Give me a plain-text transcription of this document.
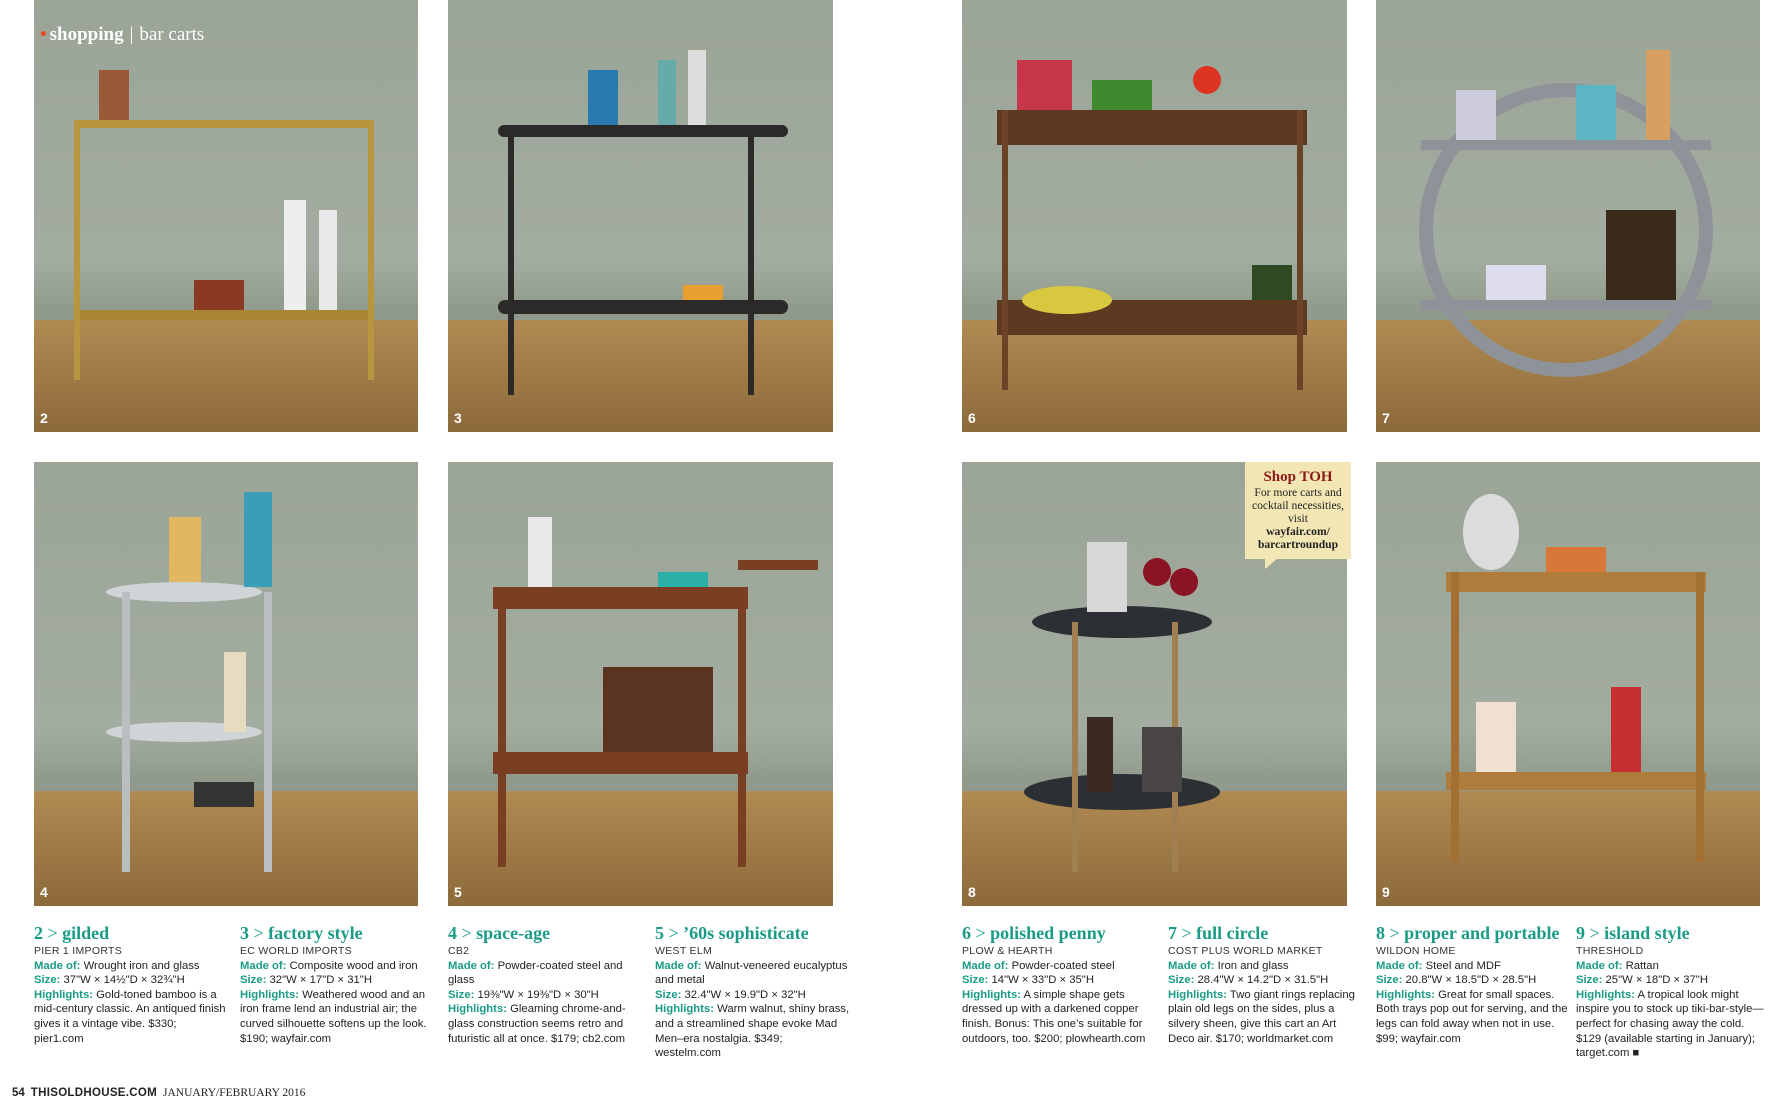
2
• shopping | bar carts
3	6	7
4	5	8	9
Shop TOH
For more carts and cocktail necessities, visit
wayfair.com/ barcartroundup
2 > gilded
PIER 1 IMPORTS
Made of: Wrought iron and glass
Size: 37"W × 14½"D × 32¾"H
Highlights: Gold-toned bamboo is a mid-century classic. An antiqued finish gives it a vintage vibe. $330; pier1.com
3 > factory style
EC WORLD IMPORTS
Made of: Composite wood and iron
Size: 32"W × 17"D × 31"H
Highlights: Weathered wood and an iron frame lend an industrial air; the curved silhouette softens up the look. $190; wayfair.com
4 > space-age
CB2
Made of: Powder-coated steel and glass
Size: 19⅜"W × 19⅜"D × 30"H
Highlights: Gleaming chrome-and-glass construction seems retro and futuristic all at once. $179; cb2.com
5 > ’60s sophisticate
WEST ELM
Made of: Walnut-veneered eucalyptus and metal
Size: 32.4"W × 19.9"D × 32"H
Highlights: Warm walnut, shiny brass, and a streamlined shape evoke Mad Men–era nostalgia. $349; westelm.com
6 > polished penny
PLOW & HEARTH
Made of: Powder-coated steel
Size: 14"W × 33"D × 35"H
Highlights: A simple shape gets dressed up with a darkened copper finish. Bonus: This one’s suitable for outdoors, too. $200; plowhearth.com
7 > full circle
COST PLUS WORLD MARKET
Made of: Iron and glass
Size: 28.4"W × 14.2"D × 31.5"H
Highlights: Two giant rings replacing plain old legs on the sides, plus a silvery sheen, give this cart an Art Deco air. $170; worldmarket.com
8 > proper and portable
WILDON HOME
Made of: Steel and MDF
Size: 20.8"W × 18.5"D × 28.5"H
Highlights: Great for small spaces. Both trays pop out for serving, and the legs can fold away when not in use. $99; wayfair.com
9 > island style
THRESHOLD
Made of: Rattan
Size: 25"W × 18"D × 37"H
Highlights: A tropical look might inspire you to stock up tiki-bar-style—perfect for chasing away the cold. $129 (available starting in January); target.com ■
54 THISOLDHOUSE.COM JANUARY/FEBRUARY 2016
